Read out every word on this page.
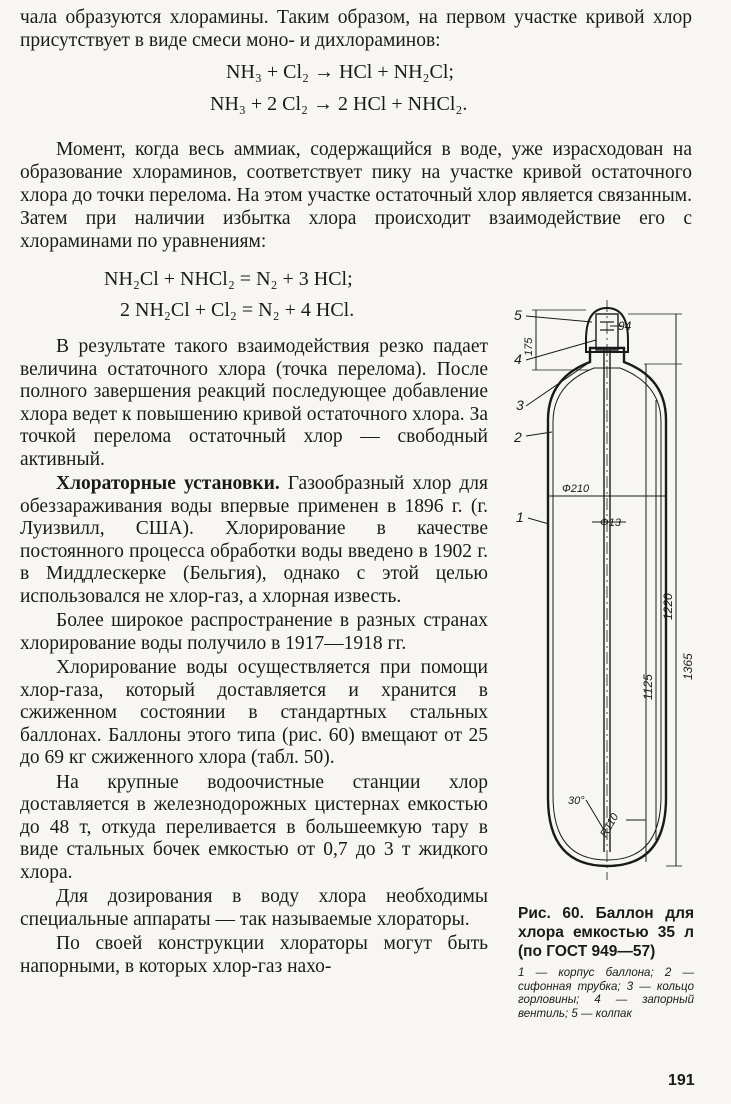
чала образуются хлорамины. Таким образом, на первом участке кривой хлор присутствует в виде смеси моно- и дихлораминов:

NH₃ + Cl₂ → HCl + NH₂Cl;
NH₃ + 2 Cl₂ → 2 HCl + NHCl₂.

Момент, когда весь аммиак, содержащийся в воде, уже израсходован на образование хлораминов, соответствует пику на участке кривой остаточного хлора до точки перелома. На этом участке остаточный хлор является связанным. Затем при наличии избытка хлора происходит взаимодействие его с хлораминами по уравнениям:

NH₂Cl + NHCl₂ = N₂ + 3 HCl;
2 NH₂Cl + Cl₂ = N₂ + 4 HCl.

В результате такого взаимодействия резко падает величина остаточного хлора (точка перелома). После полного завершения реакций последующее добавление хлора ведет к повышению кривой остаточного хлора. За точкой перелома остаточный хлор — свободный активный.

Хлораторные установки. Газообразный хлор для обеззараживания воды впервые применен в 1896 г. (г. Луизвилл, США). Хлорирование в качестве постоянного процесса обработки воды введено в 1902 г. в Миддлескерке (Бельгия), однако с этой целью использовался не хлор-газ, а хлорная известь.

Более широкое распространение в разных странах хлорирование воды получило в 1917—1918 гг.

Хлорирование воды осуществляется при помощи хлор-газа, который доставляется и хранится в сжиженном состоянии в стандартных стальных баллонах. Баллоны этого типа (рис. 60) вмещают от 25 до 69 кг сжиженного хлора (табл. 50).

На крупные водоочистные станции хлор доставляется в железнодорожных цистернах емкостью до 48 т, откуда переливается в большеемкую тару в виде стальных бочек емкостью от 0,7 до 3 т жидкого хлора.

Для дозирования в воду хлора необходимы специальные аппараты — так называемые хлораторы.

По своей конструкции хлораторы могут быть напорными, в которых хлор-газ нахо-

5
4
3
2
1
94
Ф210
Ф13
30°
175
1220
1125
1365
R110
Рис. 60. Баллон для хлора емкостью 35 л (по ГОСТ 949—57)
1 — корпус баллона; 2 — сифонная трубка; 3 — кольцо горловины; 4 — запорный вентиль; 5 — колпак
191
